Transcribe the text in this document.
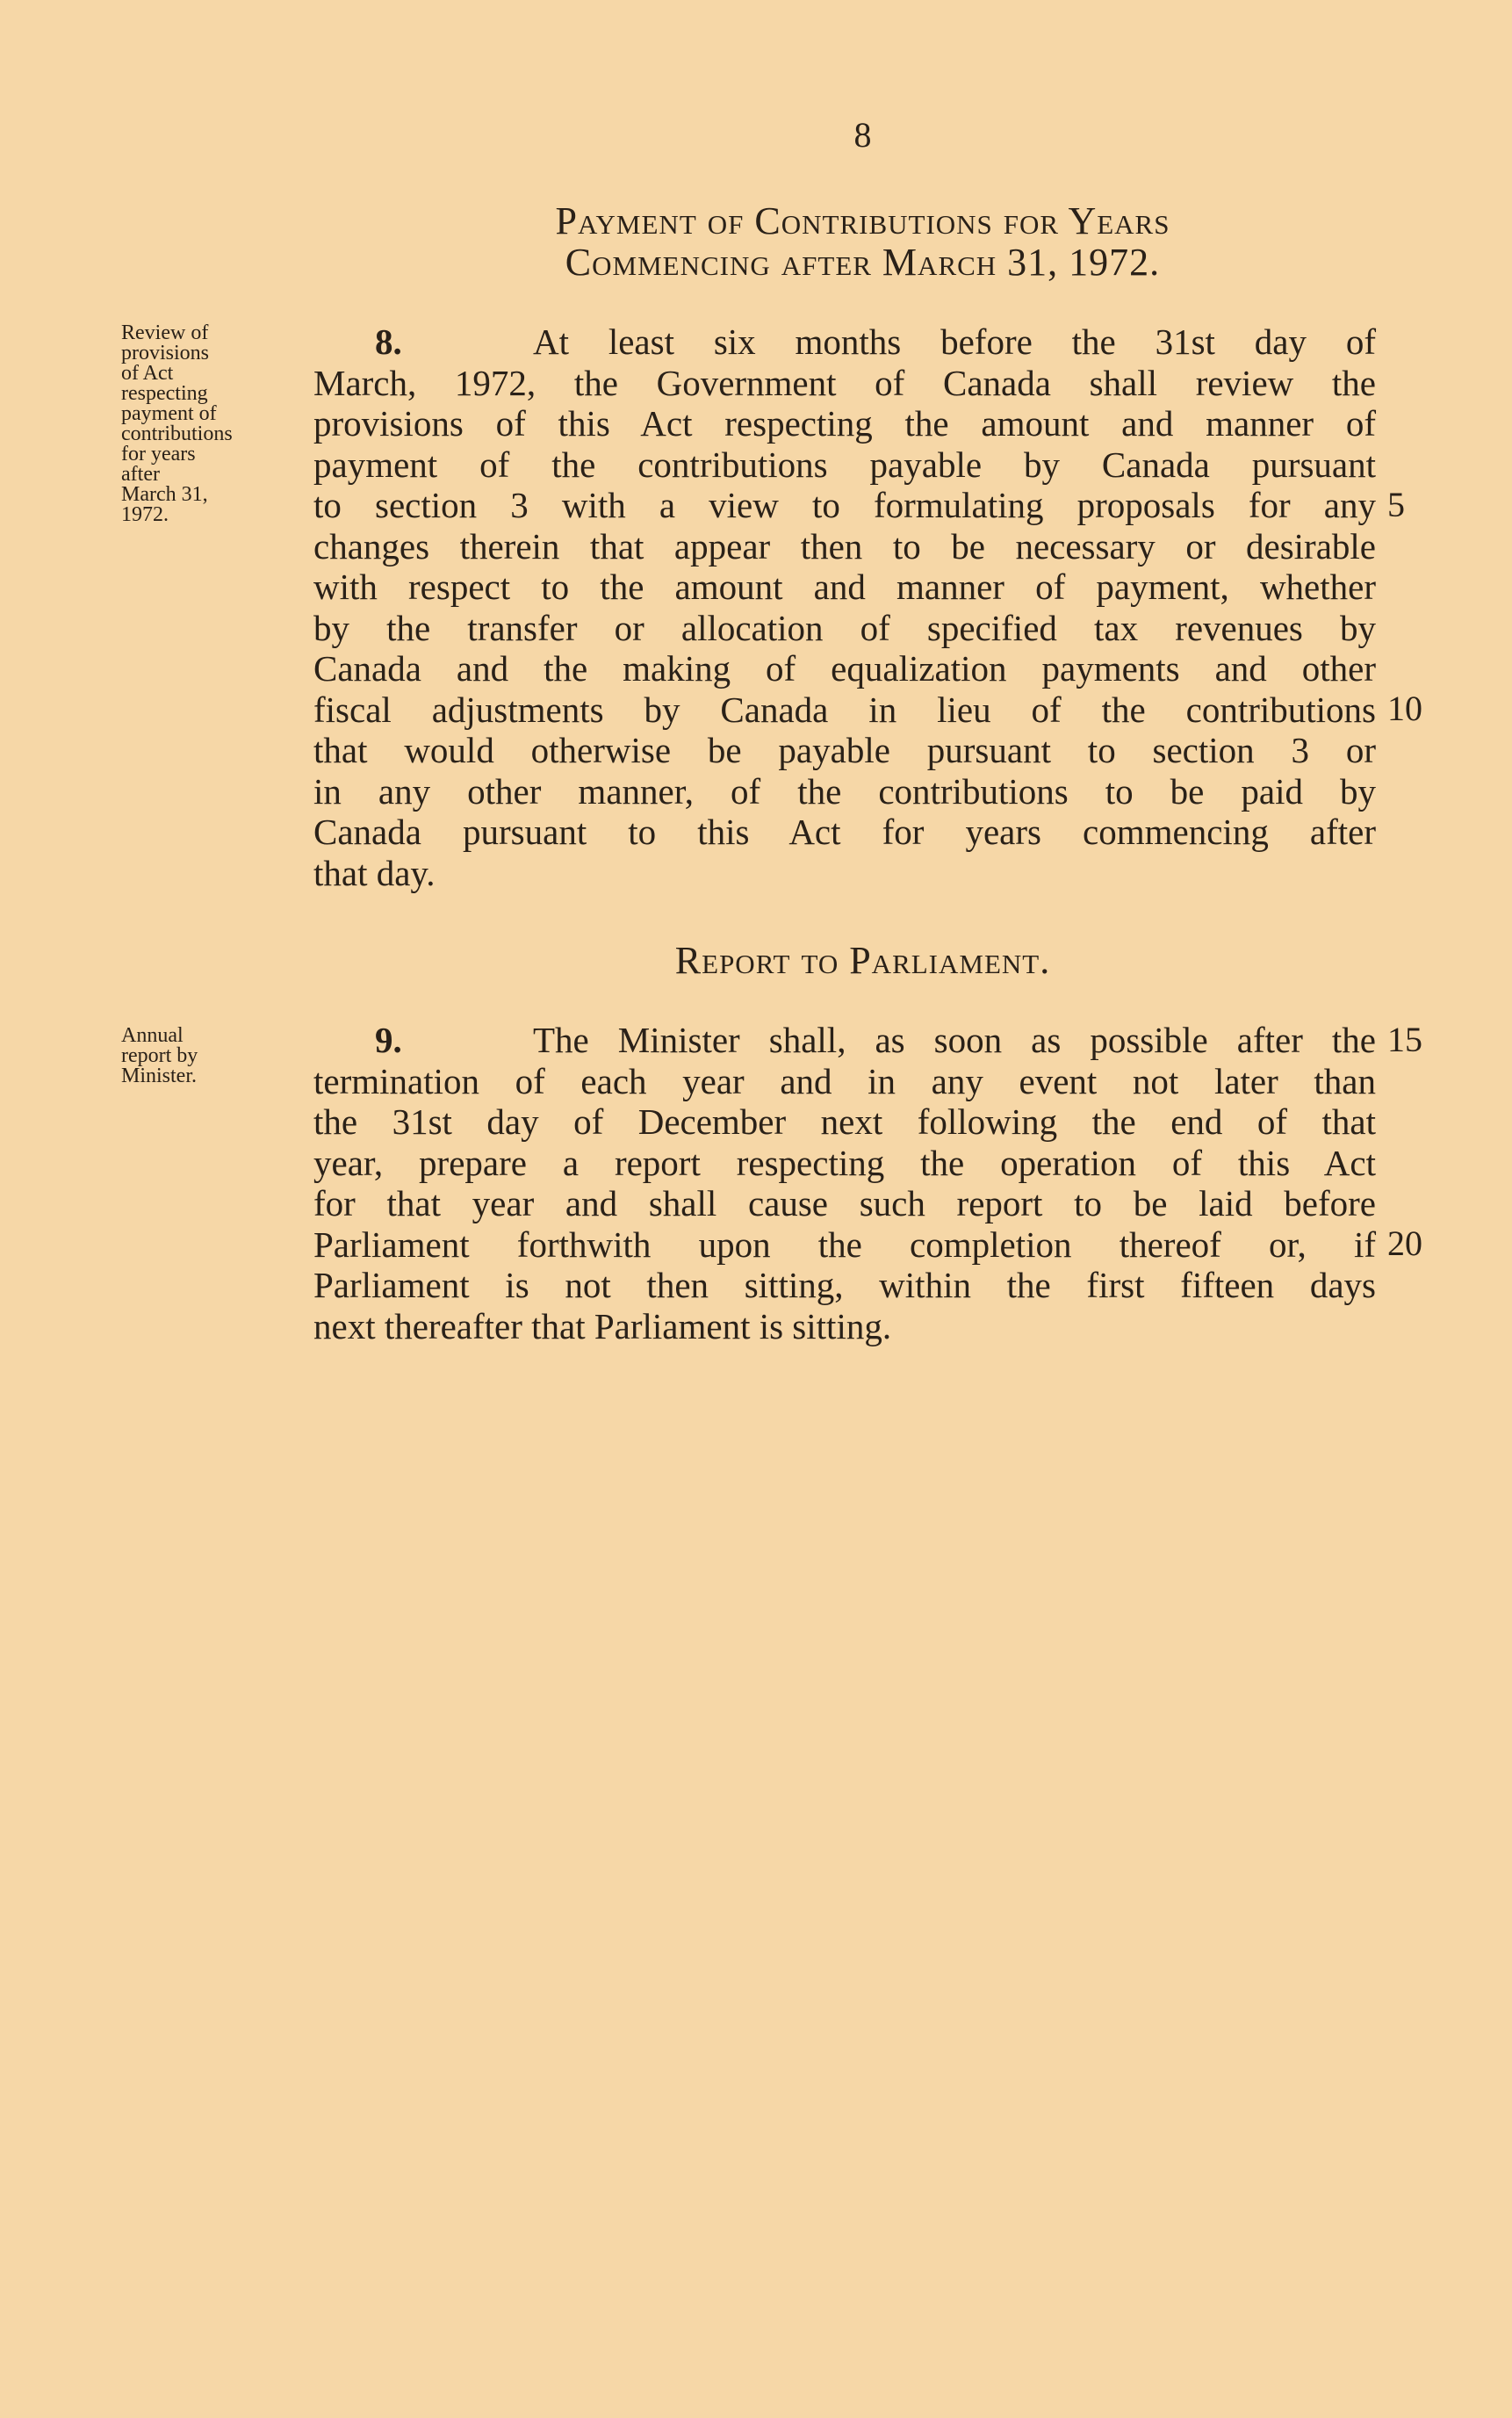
8
Payment of Contributions for Years
Commencing after March 31, 1972.
Review of
provisions
of Act
respecting
payment of
contributions
for years
after
March 31,
1972.
8.	At least six months before the 31st day of
March, 1972, the Government of Canada shall review the
provisions of this Act respecting the amount and manner of
payment of the contributions payable by Canada pursuant
to section 3 with a view to formulating proposals for any
changes therein that appear then to be necessary or desirable
with respect to the amount and manner of payment, whether
by the transfer or allocation of specified tax revenues by
Canada and the making of equalization payments and other
fiscal adjustments by Canada in lieu of the contributions
that would otherwise be payable pursuant to section 3 or
in any other manner, of the contributions to be paid by
Canada pursuant to this Act for years commencing after
that day.
5
10
Report to Parliament.
Annual
report by
Minister.
9.	The Minister shall, as soon as possible after the
termination of each year and in any event not later than
the 31st day of December next following the end of that
year, prepare a report respecting the operation of this Act
for that year and shall cause such report to be laid before
Parliament forthwith upon the completion thereof or, if
Parliament is not then sitting, within the first fifteen days
next thereafter that Parliament is sitting.
15
20
